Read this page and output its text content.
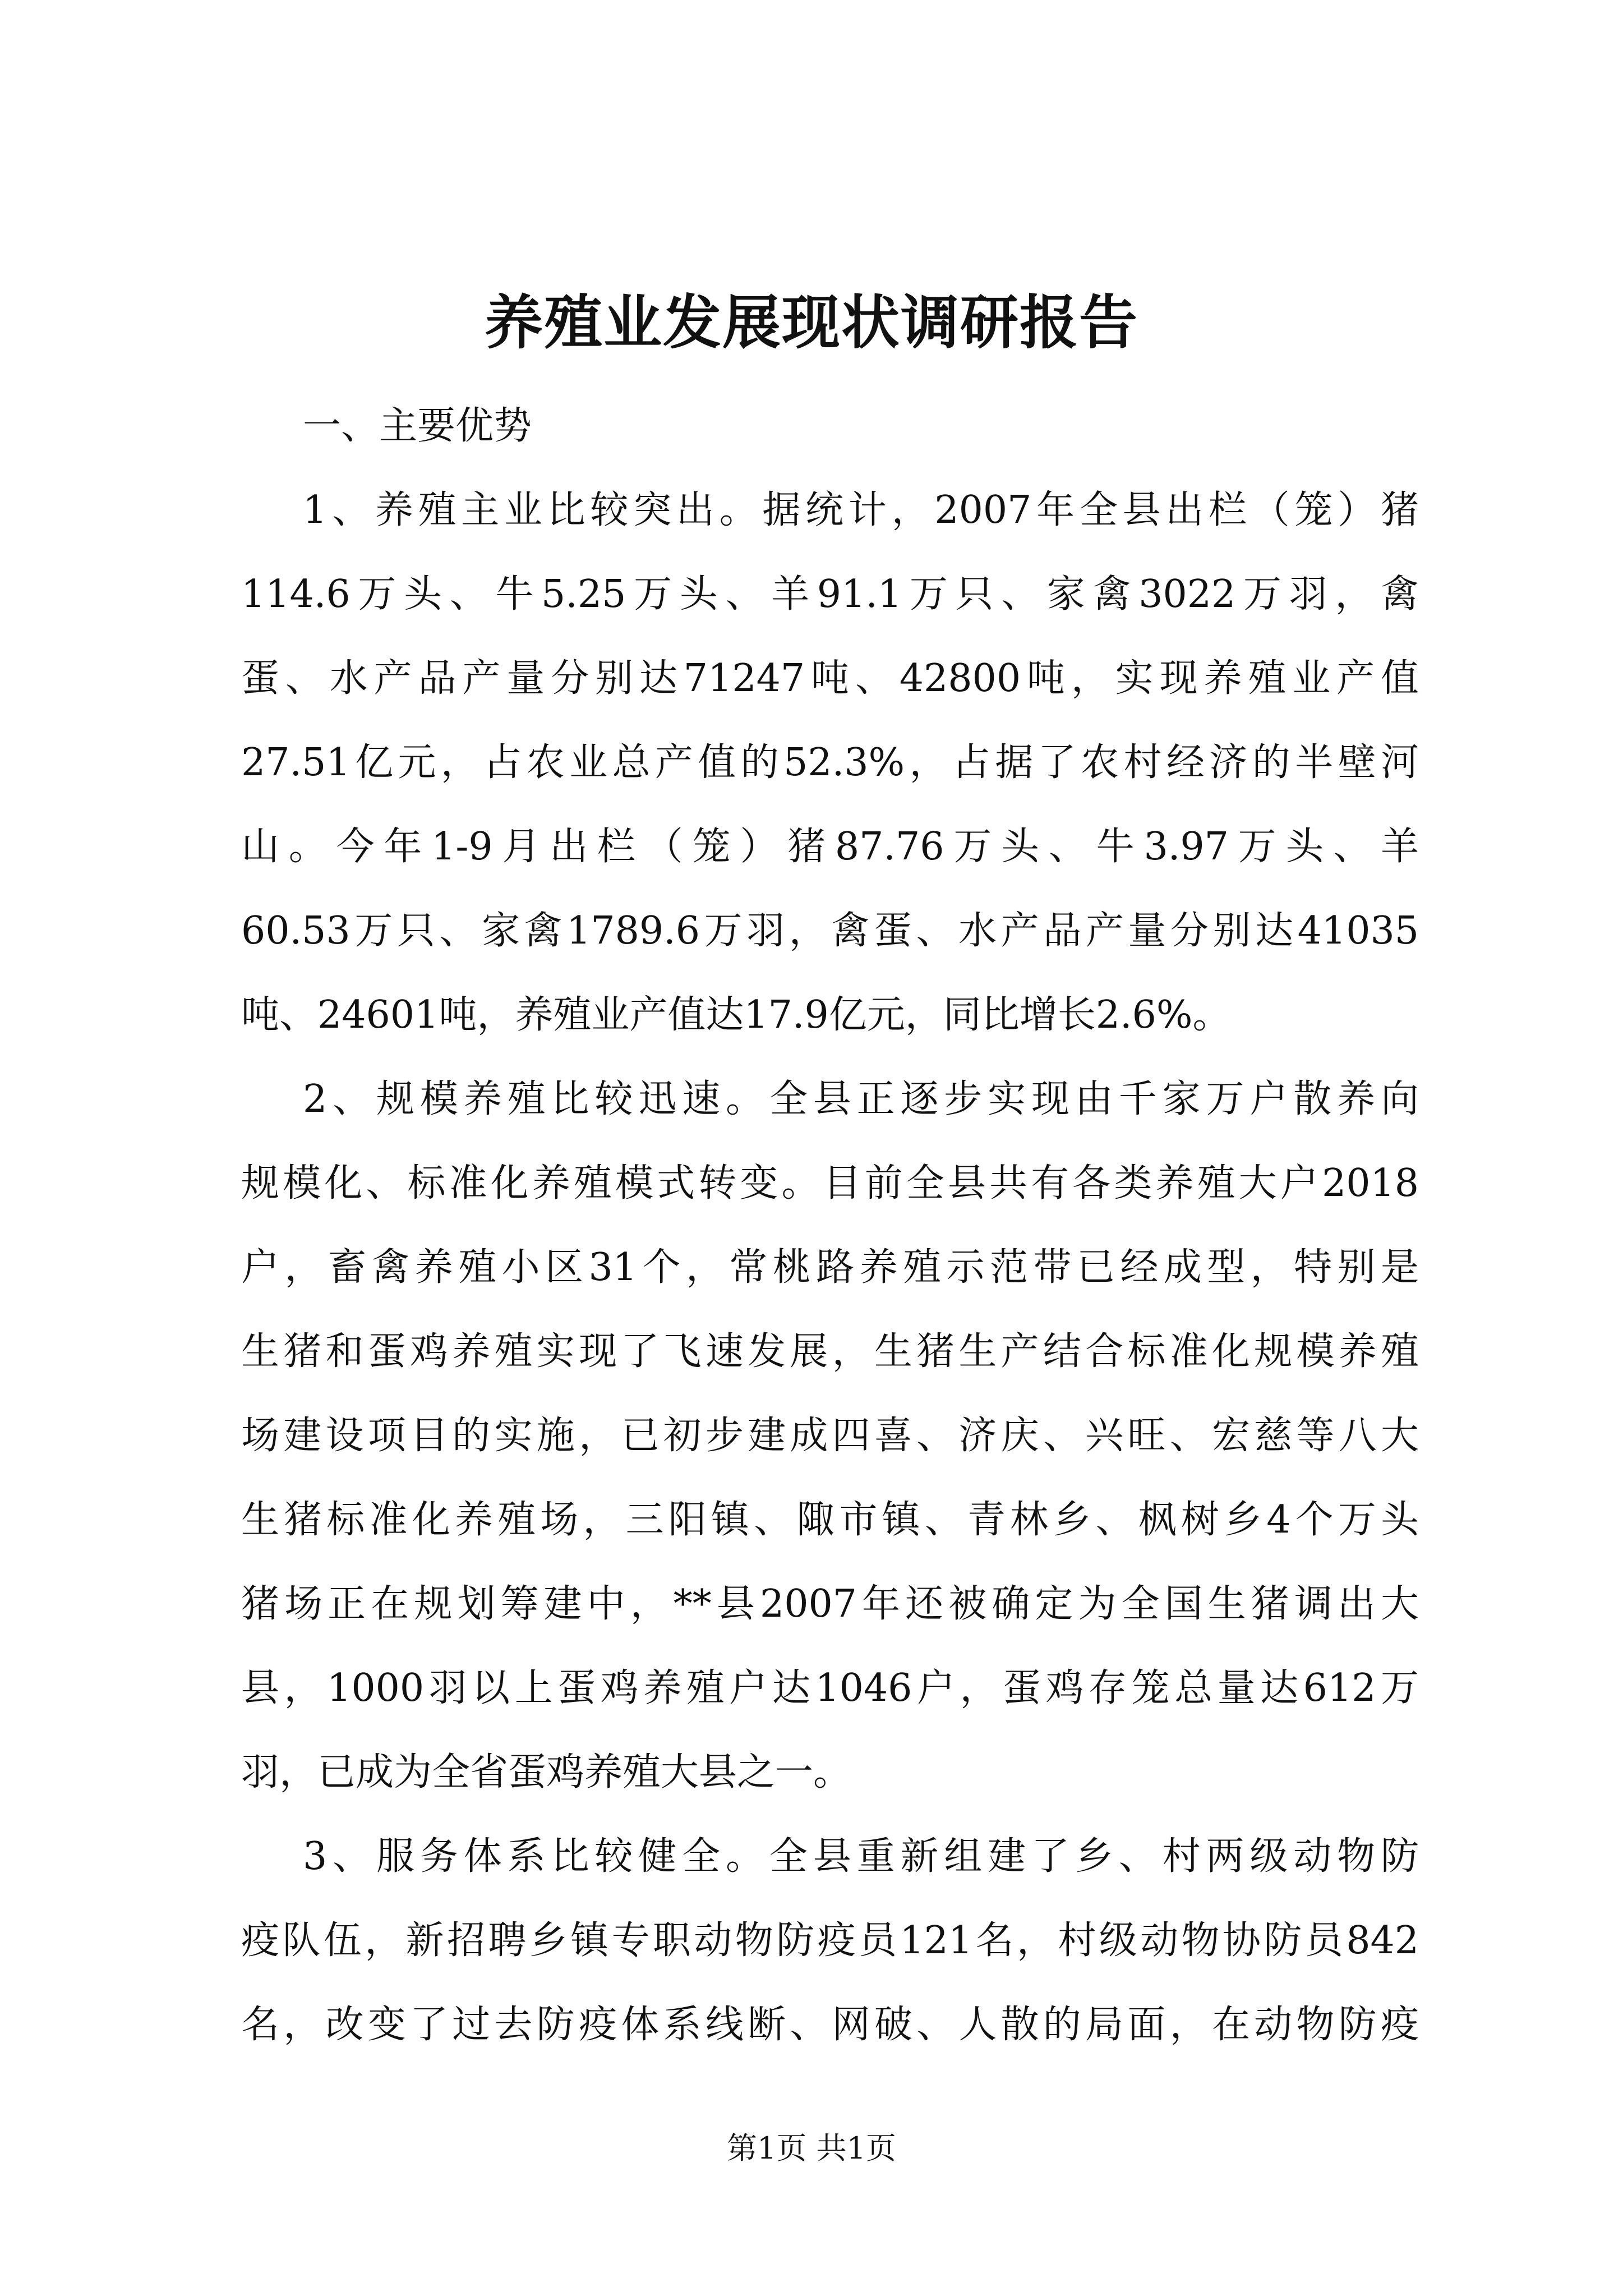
养殖业发展现状调研报告
一、主要优势
1、养殖主业比较突出。据统计，2007年全县出栏（笼）猪
114.6万头、牛5.25万头、羊91.1万只、家禽3022万羽，禽
蛋、水产品产量分别达71247吨、42800吨，实现养殖业产值
27.51亿元，占农业总产值的52.3%，占据了农村经济的半壁河
山。今年1-9月出栏（笼）猪87.76万头、牛3.97万头、羊
60.53万只、家禽1789.6万羽，禽蛋、水产品产量分别达41035
吨、24601吨，养殖业产值达17.9亿元，同比增长2.6%。
2、规模养殖比较迅速。全县正逐步实现由千家万户散养向
规模化、标准化养殖模式转变。目前全县共有各类养殖大户2018
户，畜禽养殖小区31个，常桃路养殖示范带已经成型，特别是
生猪和蛋鸡养殖实现了飞速发展，生猪生产结合标准化规模养殖
场建设项目的实施，已初步建成四喜、济庆、兴旺、宏慈等八大
生猪标准化养殖场，三阳镇、陬市镇、青林乡、枫树乡4个万头
猪场正在规划筹建中，**县2007年还被确定为全国生猪调出大
县，1000羽以上蛋鸡养殖户达1046户，蛋鸡存笼总量达612万
羽，已成为全省蛋鸡养殖大县之一。
3、服务体系比较健全。全县重新组建了乡、村两级动物防
疫队伍，新招聘乡镇专职动物防疫员121名，村级动物协防员842
名，改变了过去防疫体系线断、网破、人散的局面，在动物防疫
第1页 共1页
